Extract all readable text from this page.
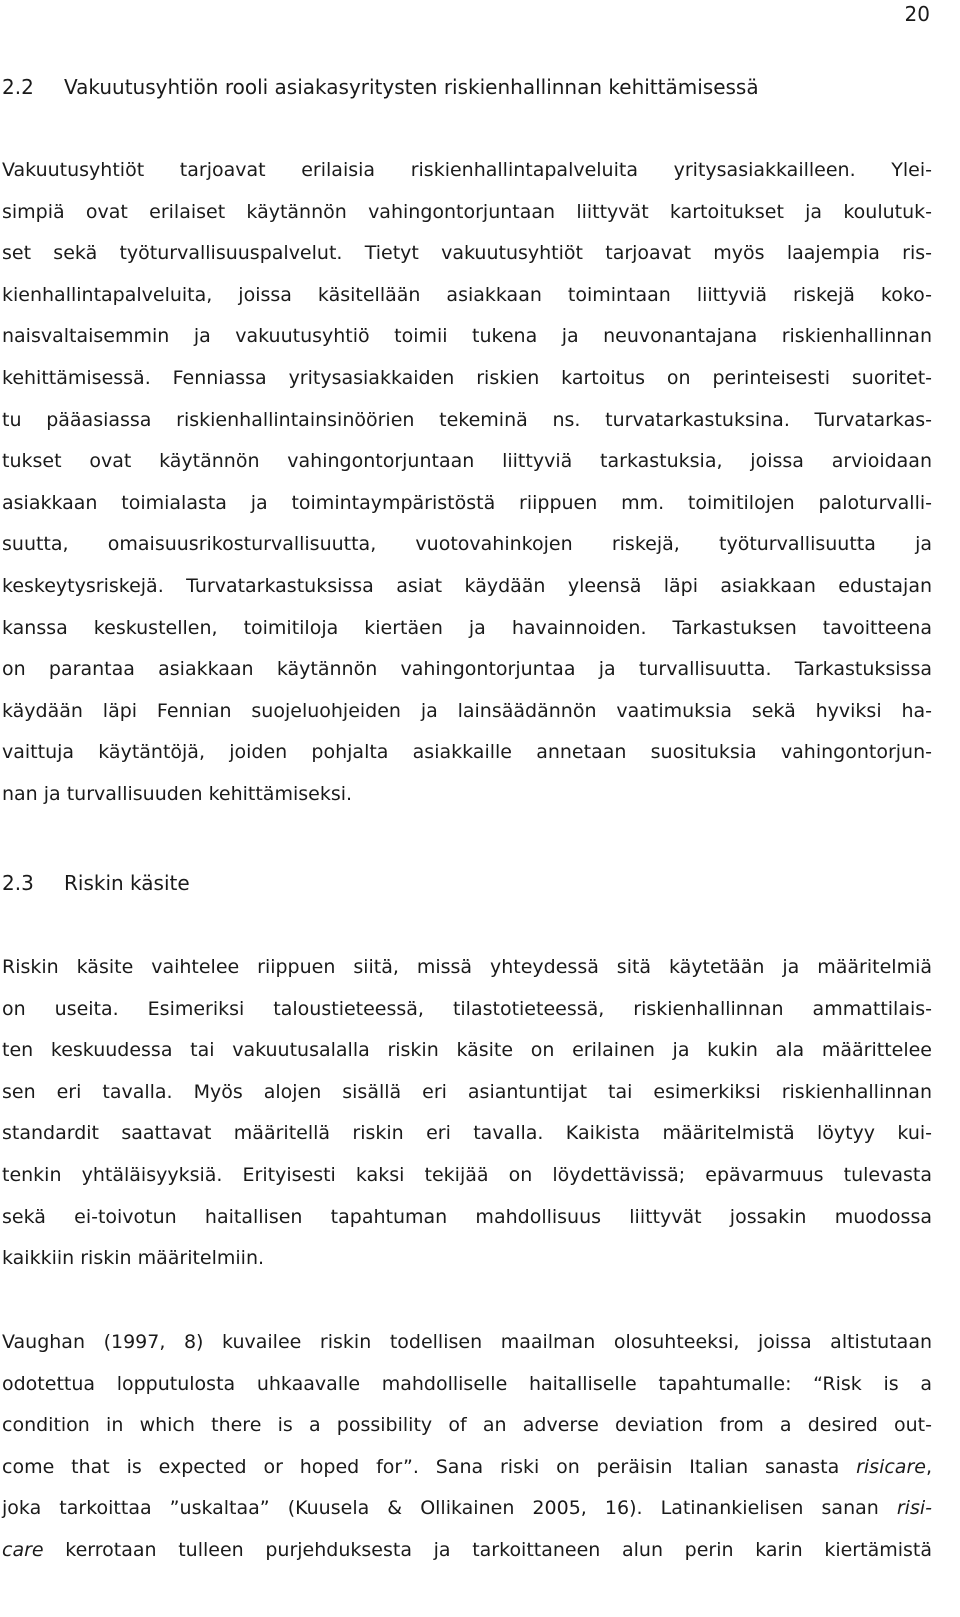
20
2.2 Vakuutusyhtiön rooli asiakasyritysten riskienhallinnan kehittämisessä
Vakuutusyhtiöt tarjoavat erilaisia riskienhallintapalveluita yritysasiakkailleen. Ylei-
simpiä ovat erilaiset käytännön vahingontorjuntaan liittyvät kartoitukset ja koulutuk-
set sekä työturvallisuuspalvelut. Tietyt vakuutusyhtiöt tarjoavat myös laajempia ris-
kienhallintapalveluita, joissa käsitellään asiakkaan toimintaan liittyviä riskejä koko-
naisvaltaisemmin ja vakuutusyhtiö toimii tukena ja neuvonantajana riskienhallinnan
kehittämisessä. Fenniassa yritysasiakkaiden riskien kartoitus on perinteisesti suoritet-
tu pääasiassa riskienhallintainsinöörien tekeminä ns. turvatarkastuksina. Turvatarkas-
tukset ovat käytännön vahingontorjuntaan liittyviä tarkastuksia, joissa arvioidaan
asiakkaan toimialasta ja toimintaympäristöstä riippuen mm. toimitilojen paloturvalli-
suutta, omaisuusrikosturvallisuutta, vuotovahinkojen riskejä, työturvallisuutta ja
keskeytysriskejä. Turvatarkastuksissa asiat käydään yleensä läpi asiakkaan edustajan
kanssa keskustellen, toimitiloja kiertäen ja havainnoiden. Tarkastuksen tavoitteena
on parantaa asiakkaan käytännön vahingontorjuntaa ja turvallisuutta. Tarkastuksissa
käydään läpi Fennian suojeluohjeiden ja lainsäädännön vaatimuksia sekä hyviksi ha-
vaittuja käytäntöjä, joiden pohjalta asiakkaille annetaan suosituksia vahingontorjun-
nan ja turvallisuuden kehittämiseksi.
2.3 Riskin käsite
Riskin käsite vaihtelee riippuen siitä, missä yhteydessä sitä käytetään ja määritelmiä
on useita. Esimeriksi taloustieteessä, tilastotieteessä, riskienhallinnan ammattilais-
ten keskuudessa tai vakuutusalalla riskin käsite on erilainen ja kukin ala määrittelee
sen eri tavalla. Myös alojen sisällä eri asiantuntijat tai esimerkiksi riskienhallinnan
standardit saattavat määritellä riskin eri tavalla. Kaikista määritelmistä löytyy kui-
tenkin yhtäläisyyksiä. Erityisesti kaksi tekijää on löydettävissä; epävarmuus tulevasta
sekä ei-toivotun haitallisen tapahtuman mahdollisuus liittyvät jossakin muodossa
kaikkiin riskin määritelmiin.
Vaughan (1997, 8) kuvailee riskin todellisen maailman olosuhteeksi, joissa altistutaan
odotettua lopputulosta uhkaavalle mahdolliselle haitalliselle tapahtumalle: “Risk is a
condition in which there is a possibility of an adverse deviation from a desired out-
come that is expected or hoped for”. Sana riski on peräisin Italian sanasta risicare,
joka tarkoittaa ”uskaltaa” (Kuusela & Ollikainen 2005, 16). Latinankielisen sanan risi-
care kerrotaan tulleen purjehduksesta ja tarkoittaneen alun perin karin kiertämistä
